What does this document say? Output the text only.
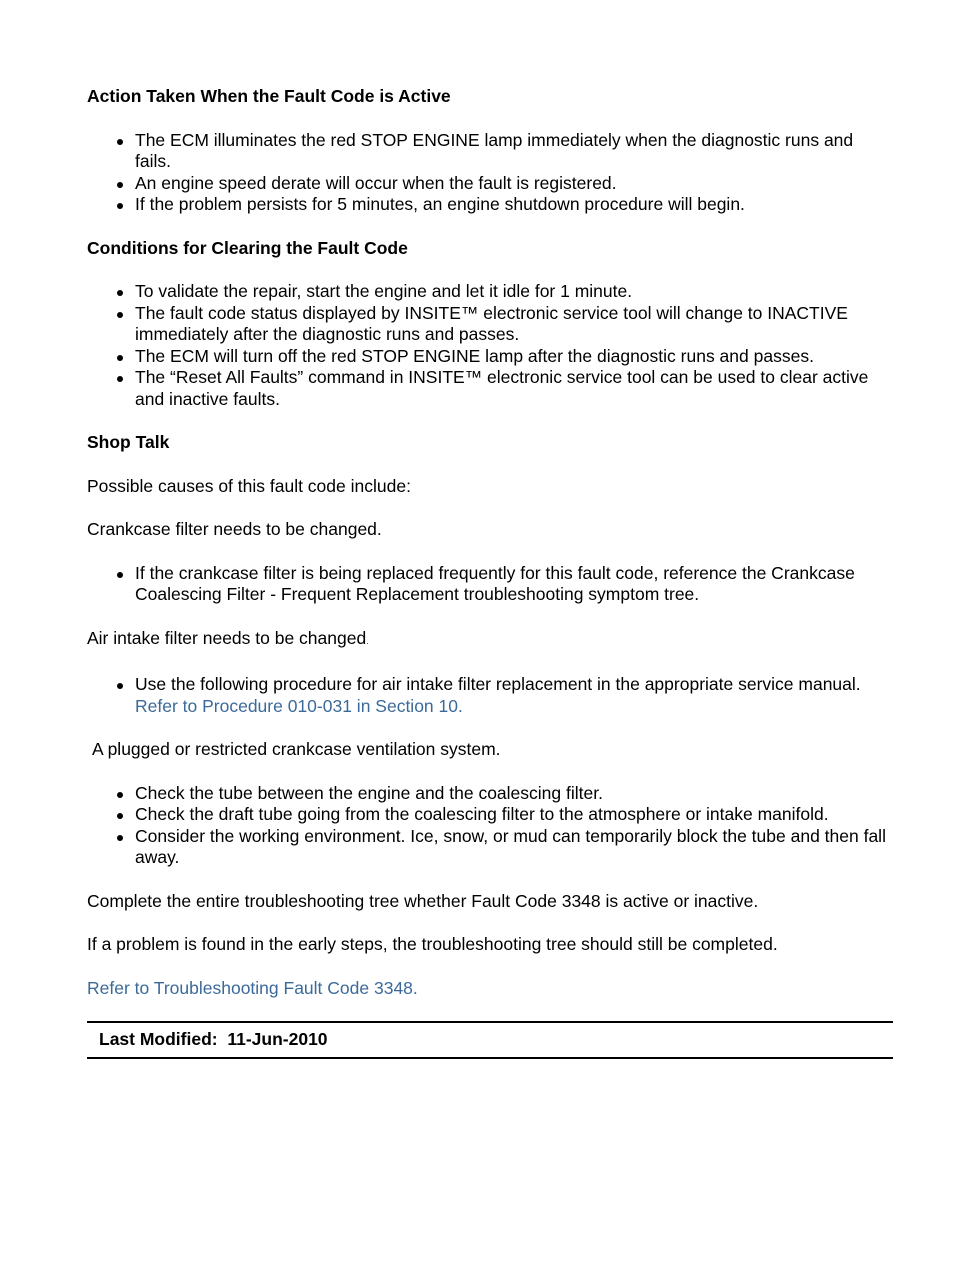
Action Taken When the Fault Code is Active
The ECM illuminates the red STOP ENGINE lamp immediately when the diagnostic runs and fails.
An engine speed derate will occur when the fault is registered.
If the problem persists for 5 minutes, an engine shutdown procedure will begin.
Conditions for Clearing the Fault Code
To validate the repair, start the engine and let it idle for 1 minute.
The fault code status displayed by INSITE™ electronic service tool will change to INACTIVE immediately after the diagnostic runs and passes.
The ECM will turn off the red STOP ENGINE lamp after the diagnostic runs and passes.
The “Reset All Faults” command in INSITE™ electronic service tool can be used to clear active and inactive faults.
Shop Talk

Possible causes of this fault code include:

Crankcase filter needs to be changed.

If the crankcase filter is being replaced frequently for this fault code, reference the Crankcase Coalescing Filter - Frequent Replacement troubleshooting symptom tree.

Air intake filter needs to be changed.

Use the following procedure for air intake filter replacement in the appropriate service manual. Refer to Procedure 010-031 in Section 10.

A plugged or restricted crankcase ventilation system.

Check the tube between the engine and the coalescing filter.
Check the draft tube going from the coalescing filter to the atmosphere or intake manifold.
Consider the working environment. Ice, snow, or mud can temporarily block the tube and then fall away.

Complete the entire troubleshooting tree whether Fault Code 3348 is active or inactive.

If a problem is found in the early steps, the troubleshooting tree should still be completed.

Refer to Troubleshooting Fault Code 3348.

Last Modified: 11-Jun-2010
